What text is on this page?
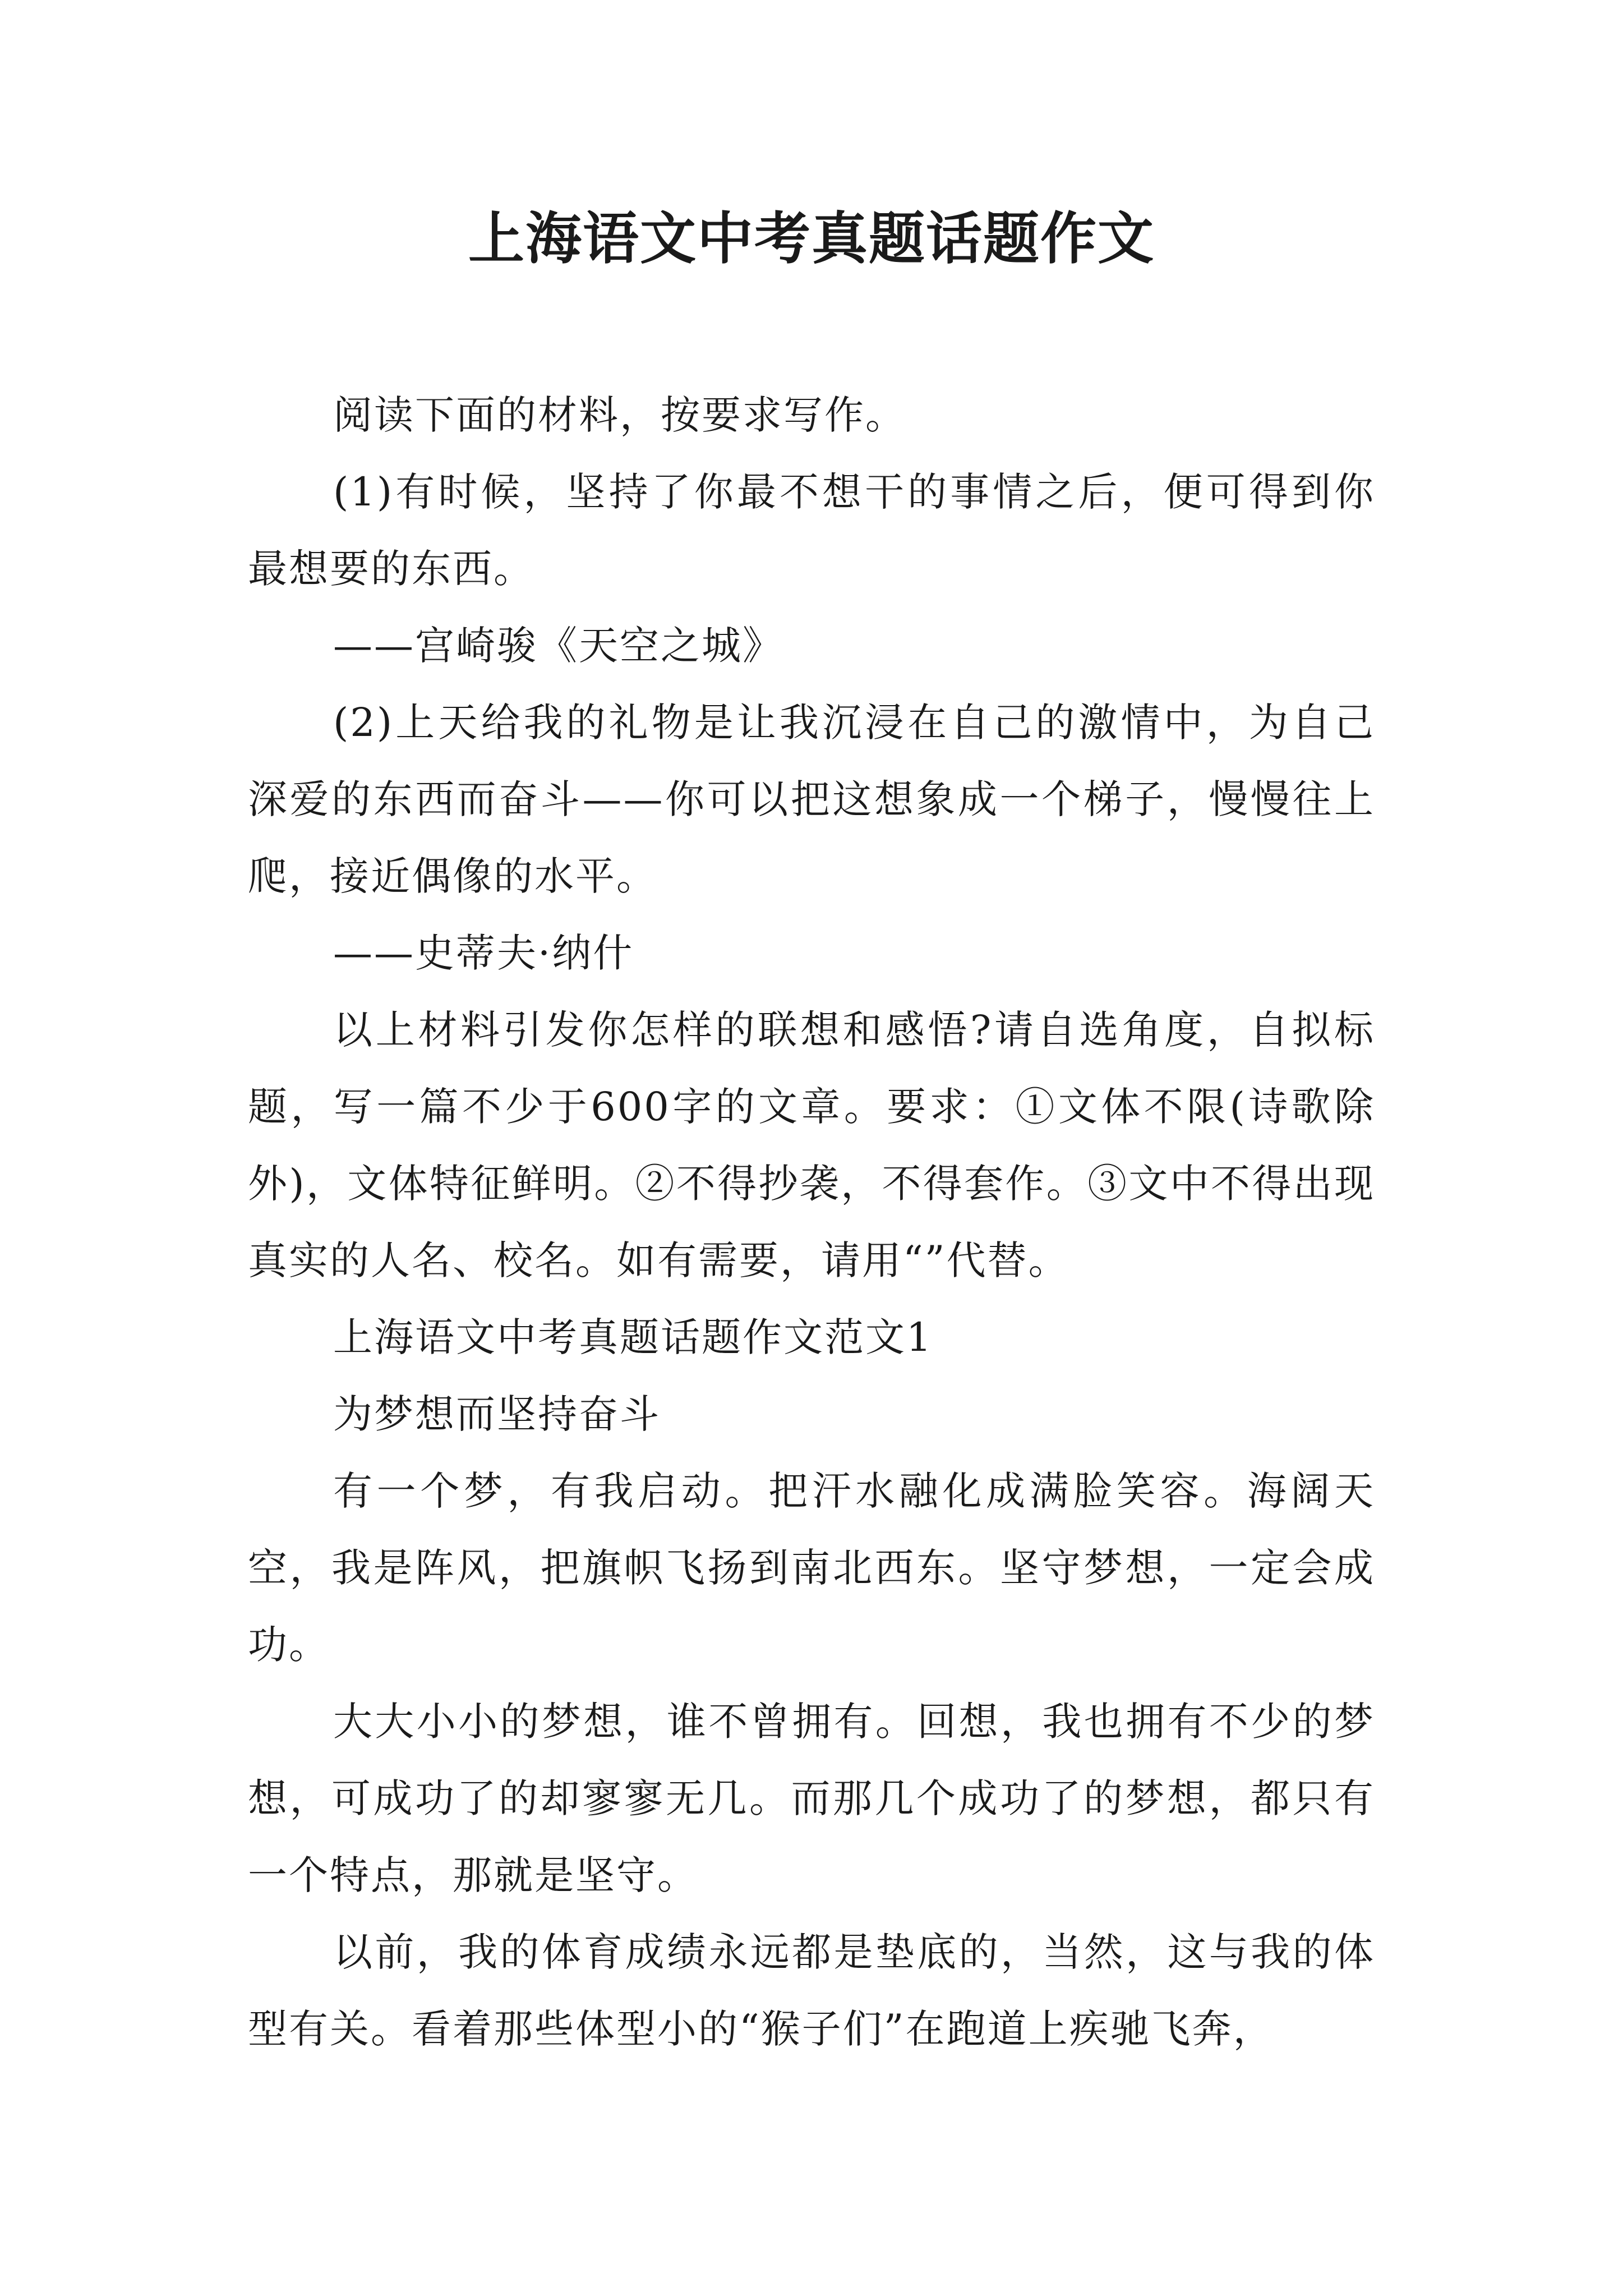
上海语文中考真题话题作文

阅读下面的材料，按要求写作。

(1)有时候，坚持了你最不想干的事情之后，便可得到你最想要的东西。

——宫崎骏《天空之城》

(2)上天给我的礼物是让我沉浸在自己的激情中，为自己深爱的东西而奋斗——你可以把这想象成一个梯子，慢慢往上爬，接近偶像的水平。

——史蒂夫·纳什

以上材料引发你怎样的联想和感悟?请自选角度，自拟标题，写一篇不少于600字的文章。要求：①文体不限(诗歌除外)，文体特征鲜明。②不得抄袭，不得套作。③文中不得出现真实的人名、校名。如有需要，请用“”代替。

上海语文中考真题话题作文范文1

为梦想而坚持奋斗

有一个梦，有我启动。把汗水融化成满脸笑容。海阔天空，我是阵风，把旗帜飞扬到南北西东。坚守梦想，一定会成功。

大大小小的梦想，谁不曾拥有。回想，我也拥有不少的梦想，可成功了的却寥寥无几。而那几个成功了的梦想，都只有一个特点，那就是坚守。

以前，我的体育成绩永远都是垫底的，当然，这与我的体型有关。看着那些体型小的“猴子们”在跑道上疾驰飞奔，
